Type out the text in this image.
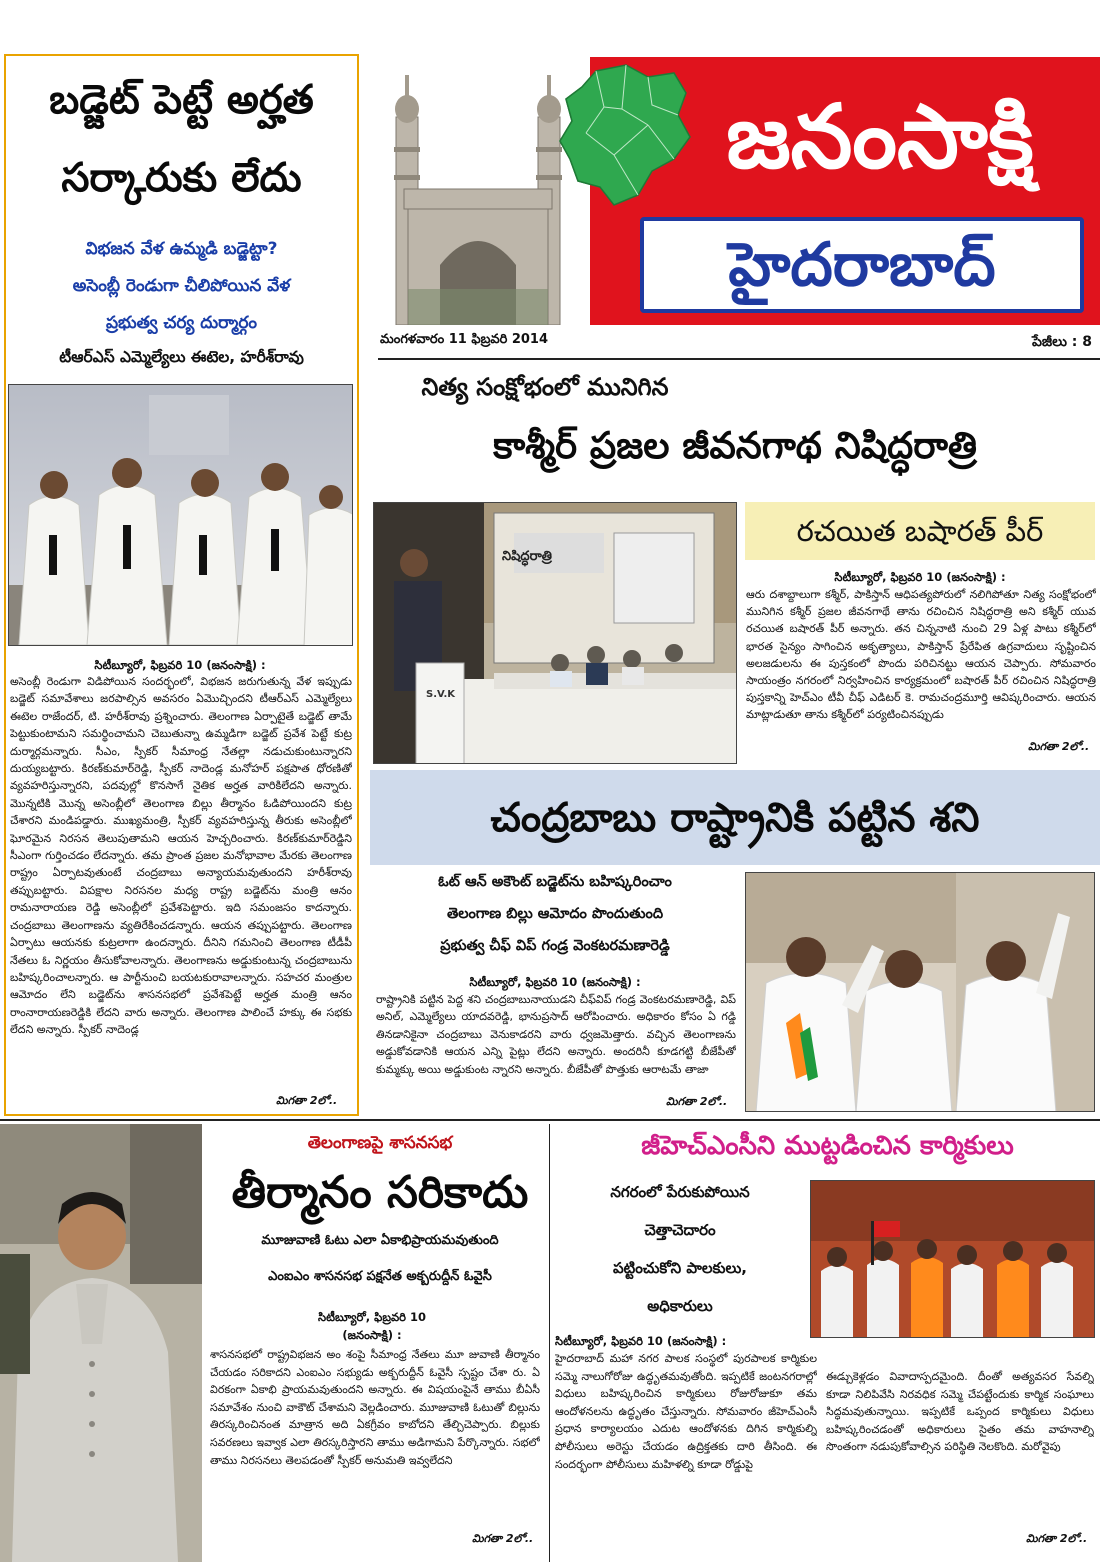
బడ్జెట్ పెట్టే అర్హత
సర్కారుకు లేదు
విభజన వేళ ఉమ్మడి బడ్జెట్టా?
అసెంబ్లీ రెండుగా చీలిపోయిన వేళ
ప్రభుత్వ చర్య దుర్మార్గం
టీఆర్ఎస్ ఎమ్మెల్యేలు ఈటెల, హరీశ్‌రావు
సిటీబ్యూరో, ఫిబ్రవరి 10 (జనంసాక్షి) :
అసెంబ్లీ రెండుగా విడిపోయిన సందర్భంలో, విభజన జరుగుతున్న వేళ ఇప్పుడు బడ్జెట్ సమావేశాలు జరపాల్సిన అవసరం ఏమొచ్చిందని టీఆర్ఎస్ ఎమ్మెల్యేలు ఈటెల రాజేందర్, టి. హరీశ్‌రావు ప్రశ్నించారు. తెలంగాణ ఏర్పాటైతే బడ్జెట్ తామే పెట్టుకుంటామని సమర్థించామని చెబుతున్నా ఉమ్మడిగా బడ్జెట్ ప్రవేశ పెట్టే కుట్ర దుర్మార్గమన్నారు. సీఎం, స్పీకర్ సీమాంధ్ర నేతల్లా నడుచుకుంటున్నారని దుయ్యబట్టారు. కిరణ్‌కుమార్‌రెడ్డి, స్పీకర్ నాదెండ్ల మనోహర్ పక్షపాత ధోరణితో వ్యవహరిస్తున్నారని, పదవుల్లో కొనసాగే నైతిక అర్హత వారికిలేదని అన్నారు. మొన్నటికి మొన్న అసెంబ్లీలో తెలంగాణ బిల్లు తీర్మానం ఓడిపోయిందని కుట్ర చేశారని మండిపడ్డారు. ముఖ్యమంత్రి, స్పీకర్ వ్యవహరిస్తున్న తీరుకు అసెంబ్లీలో ఘోరమైన నిరసన తెలుపుతామని ఆయన హెచ్చరించారు. కిరణ్‌కుమార్‌రెడ్డిని సీఎంగా గుర్తించడం లేదన్నారు. తమ ప్రాంత ప్రజల మనోభావాల మేరకు తెలంగాణ రాష్ట్రం ఏర్పాటవుతుంటే చంద్రబాబు అన్యాయమవుతుందని హరీశ్‌రావు తప్పుబట్టారు. విపక్షాల నిరసనల మధ్య రాష్ట్ర బడ్జెట్‌ను మంత్రి ఆనం రామనారాయణ రెడ్డి అసెంబ్లీలో ప్రవేశపెట్టారు. ఇది సమంజసం కాదన్నారు. చంద్రబాబు తెలంగాణను వ్యతిరేకించడన్నారు. ఆయన తప్పుపట్టారు. తెలంగాణ ఏర్పాటు ఆయనకు కుట్రలాగా ఉందన్నారు. దీనిని గమనించి తెలంగాణ టీడీపీ నేతలు ఓ నిర్ణయం తీసుకోవాలన్నారు. తెలంగాణను అడ్డుకుంటున్న చంద్రబాబును బహిష్కరించాలన్నారు. ఆ పార్టీనుంచి బయటకురావాలన్నారు. సహచర మంత్రుల ఆమోదం లేని బడ్జెట్‌ను శాసనసభలో ప్రవేశపెట్టే అర్హత మంత్రి ఆనం రాంనారాయణరెడ్డికి లేదని వారు అన్నారు. తెలంగాణ పాలించే హక్కు ఈ సభకు లేదని అన్నారు. స్పీకర్ నాదెండ్ల
మిగతా 2లో..
జనంసాక్షి
హైదరాబాద్
మంగళవారం 11 ఫిబ్రవరి 2014	పేజీలు : 8
నిత్య సంక్షోభంలో మునిగిన
కాశ్మీర్ ప్రజల జీవనగాథ నిషిద్ధరాత్రి
నిషిద్ధరాత్రి
S.V.K
రచయిత బషారత్ పీర్
సిటీబ్యూరో, ఫిబ్రవరి 10 (జనంసాక్షి) :
ఆరు దశాబ్దాలుగా కశ్మీర్, పాకిస్తాన్ ఆధిపత్యపోరులో నలిగిపోతూ నిత్య సంక్షోభంలో మునిగిన కశ్మీర్ ప్రజల జీవనగాథే తాను రచించిన నిషిద్ధరాత్రి అని కశ్మీర్ యువ రచయిత బషారత్ పీర్ అన్నారు. తన చిన్ననాటి నుంచి 29 ఏళ్ల పాటు కశ్మీర్‌లో భారత సైన్యం సాగించిన అకృత్యాలు, పాకిస్తాన్ ప్రేరేపిత ఉగ్రవాదులు సృష్టించిన అలజడులను ఈ పుస్తకంలో పొందు పరిచినట్టు ఆయన చెప్పారు. సోమవారం సాయంత్రం నగరంలో నిర్వహించిన కార్యక్రమంలో బషారత్ పీర్ రచించిన నిషిద్ధరాత్రి పుస్తకాన్ని హెచ్ఎం టీవీ చీఫ్ ఎడిటర్ కె. రామచంద్రమూర్తి ఆవిష్కరించారు. ఆయన మాట్లాడుతూ తాను కశ్మీర్‌లో పర్యటించినప్పుడు
మిగతా 2లో..
చంద్రబాబు రాష్ట్రానికి పట్టిన శని
ఓట్ ఆన్ అకౌంట్ బడ్జెట్‌ను బహిష్కరించాం
తెలంగాణ బిల్లు ఆమోదం పొందుతుంది
ప్రభుత్వ చీఫ్ విప్ గండ్ర వెంకటరమణారెడ్డి
సిటీబ్యూరో, ఫిబ్రవరి 10 (జనంసాక్షి) :
రాష్ట్రానికి పట్టిన పెద్ద శని చంద్రబాబునాయుడని చీఫ్‌విప్ గండ్ర వెంకటరమణారెడ్డి, విప్ అనిల్, ఎమ్మెల్యేలు యాదవరెడ్డి, భానుప్రసాద్ ఆరోపించారు. అధికారం కోసం ఏ గడ్డి తినడానికైనా చంద్రబాబు వెనుకాడరని వారు ధ్వజమెత్తారు. వచ్చిన తెలంగాణను అడ్డుకోవడానికి ఆయన ఎన్ని పైట్లు లేదని అన్నారు. అందరినీ కూడగట్టి బీజేపీతో కుమ్మక్కు అయి అడ్డుకుంట న్నారని అన్నారు. బీజేపీతో పొత్తుకు ఆరాటమే తాజా
మిగతా 2లో..
తెలంగాణపై శాసనసభ
తీర్మానం సరికాదు
మూజువాణి ఓటు ఎలా ఏకాభిప్రాయమవుతుంది
ఎంఐఎం శాసనసభ పక్షనేత అక్బరుద్దీన్ ఓవైసీ
సిటీబ్యూరో, ఫిబ్రవరి 10 (జనంసాక్షి) :
శాసనసభలో రాష్ట్రవిభజన అం శంపై సీమాంధ్ర నేతలు మూ జువాణి తీర్మానం చేయడం సరికాదని ఎంఐఎం సభ్యుడు అక్బరుద్దీన్ ఓవైసీ స్పష్టం చేశా రు. ఏ విరకంగా ఏకాభి ప్రాయమవుతుందని అన్నారు. ఈ విషయంపైనే తాము బీఏసీ సమావేశం నుంచి వాకౌట్ చేశామని వెల్లడించారు. మూజువాణి ఓటుతో బిల్లును తిరస్కరించినంత మాత్రాన అది ఏకగ్రీవం కాబోదని తేల్చిచెప్పారు. బిల్లుకు సవరణలు ఇవ్వాక ఎలా తిరస్కరిస్తారని తాము అడిగామని పేర్కొన్నారు. సభలో తాము నిరసనలు తెలపడంతో స్పీకర్ అనుమతి ఇవ్వలేదని
మిగతా 2లో..
జీహెచ్ఎంసీని ముట్టడించిన కార్మికులు
నగరంలో పేరుకుపోయిన
చెత్తాచెదారం
పట్టించుకోని పాలకులు,
అధికారులు
సిటీబ్యూరో, ఫిబ్రవరి 10 (జనంసాక్షి) :
హైదరాబాద్ మహా నగర పాలక సంస్థలో పురపాలక కార్మికుల సమ్మె నాలుగోరోజు ఉద్ధృతమవుతోంది. ఇప్పటికే జంటనగరాల్లో విధులు బహిష్కరించిన కార్మికులు రోజురోజుకూ తమ ఆందోళనలను ఉద్ధృతం చేస్తున్నారు. సోమవారం జీహెచ్ఎంసీ ప్రధాన కార్యాలయం ఎదుట ఆందోళనకు దిగిన కార్మికుల్ని పోలీసులు అరెస్టు చేయడం ఉద్రిక్తతకు దారి తీసింది. ఈ సందర్భంగా పోలీసులు మహిళల్ని కూడా రోడ్డుపై
ఈడ్చుకెళ్లడం వివాదాస్పదమైంది. దీంతో అత్యవసర సేవల్ని కూడా నిలిపివేసి నిరవధిక సమ్మె చేపట్టేందుకు కార్మిక సంఘాలు సిద్ధమవుతున్నాయి. ఇప్పటికే ఒప్పంద కార్మికులు విధులు బహిష్కరించడంతో అధికారులు సైతం తమ వాహనాల్ని సొంతంగా నడుపుకోవాల్సిన పరిస్థితి నెలకొంది. మరోవైపు
మిగతా 2లో..
